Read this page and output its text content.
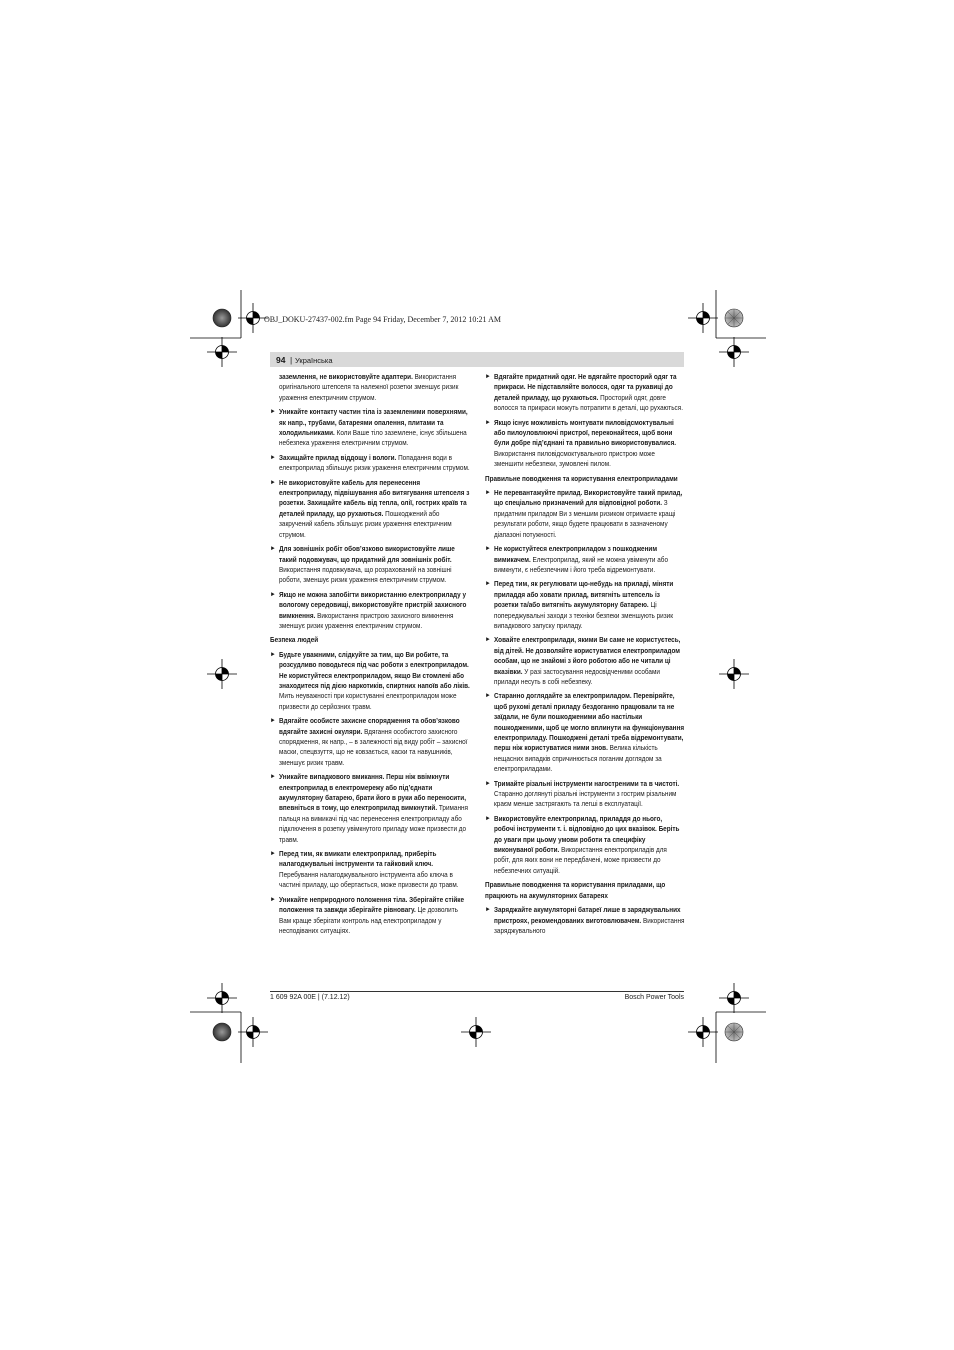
OBJ_DOKU-27437-002.fm Page 94 Friday, December 7, 2012 10:21 AM
94 | Українська
заземлення, не використовуйте адаптери. Використання оригінального штепселя та належної розетки зменшує ризик ураження електричним струмом.
► Уникайте контакту частин тіла із заземленими поверхнями, як напр., трубами, батареями опалення, плитами та холодильниками. Коли Ваше тіло заземлене, існує збільшена небезпека ураження електричним струмом.
► Захищайте прилад віддощу і вологи. Попадання води в електроприлад збільшує ризик ураження електричним струмом.
► Не використовуйте кабель для перенесення електроприладу, підвішування або витягування штепселя з розетки. Захищайте кабель від тепла, олії, гострих країв та деталей приладу, що рухаються. Пошкоджений або закручений кабель збільшує ризик ураження електричним струмом.
► Для зовнішніх робіт обов’язково використовуйте лише такий подовжувач, що придатний для зовнішніх робіт. Використання подовжувача, що розрахований на зовнішні роботи, зменшує ризик ураження електричним струмом.
► Якщо не можна запобігти використанню електроприладу у вологому середовищі, використовуйте пристрій захисного вимкнення. Використання пристрою захисного вимкнення зменшує ризик ураження електричним струмом.
Безпека людей
► Будьте уважними, слідкуйте за тим, що Ви робите, та розсудливо поводьтеся під час роботи з електроприладом. Не користуйтеся електроприладом, якщо Ви стомлені або знаходитеся під дією наркотиків, спиртних напоїв або ліків. Мить неуважності при користуванні електроприладом може призвести до серйозних травм.
► Вдягайте особисте захисне спорядження та обов’язково вдягайте захисні окуляри. Вдягання особистого захисного спорядження, як напр., – в залежності від виду робіт – захисної маски, спецвзуття, що не ковзається, каски та навушників, зменшує ризик травм.
► Уникайте випадкового вмикання. Перш ніж ввімкнути електроприлад в електромережу або під’єднати акумуляторну батарею, брати його в руки або переносити, впевніться в тому, що електроприлад вимкнутий. Тримання пальця на вимикачі під час перенесення електроприладу або підключення в розетку увімкнутого приладу може призвести до травм.
► Перед тим, як вмикати електроприлад, приберіть налагоджувальні інструменти та гайковий ключ. Перебування налагоджувального інструмента або ключа в частині приладу, що обертається, може призвести до травм.
► Уникайте неприродного положення тіла. Зберігайте стійке положення та завжди зберігайте рівновагу. Це дозволить Вам краще зберігати контроль над електроприладом у несподіваних ситуаціях.
► Вдягайте придатний одяг. Не вдягайте просторий одяг та прикраси. Не підставляйте волосся, одяг та рукавиці до деталей приладу, що рухаються. Просторий одяг, довге волосся та прикраси можуть потрапити в деталі, що рухаються.
► Якщо існує можливість монтувати пиловідсмоктувальні або пилоуловлюючі пристрої, переконайтеся, щоб вони були добре під’єднані та правильно використовувалися. Використання пиловідсмоктувального пристрою може зменшити небезпеки, зумовлені пилом.
Правильне поводження та користування електроприладами
► Не перевантажуйте прилад. Використовуйте такий прилад, що спеціально призначений для відповідної роботи. З придатним приладом Ви з меншим ризиком отримаєте кращі результати роботи, якщо будете працювати в зазначеному діапазоні потужності.
► Не користуйтеся електроприладом з пошкодженим вимикачем. Електроприлад, який не можна увімкнути або вимкнути, є небезпечним і його треба відремонтувати.
► Перед тим, як регулювати що-небудь на приладі, міняти приладдя або ховати прилад, витягніть штепсель із розетки та/або витягніть акумуляторну батарею. Ці попереджувальні заходи з техніки безпеки зменшують ризик випадкового запуску приладу.
► Ховайте електроприлади, якими Ви саме не користуєтесь, від дітей. Не дозволяйте користуватися електроприладом особам, що не знайомі з його роботою або не читали ці вказівки. У разі застосування недосвідченими особами прилади несуть в собі небезпеку.
► Старанно доглядайте за електроприладом. Перевіряйте, щоб рухомі деталі приладу бездоганно працювали та не заїдали, не були пошкодженими або настільки пошкодженими, щоб це могло вплинути на функціонування електроприладу. Пошкоджені деталі треба відремонтувати, перш ніж користуватися ними знов. Велика кількість нещасних випадків спричинюється поганим доглядом за електроприладами.
► Тримайте різальні інструменти нагостреними та в чистоті. Старанно доглянуті різальні інструменти з гострим різальним краєм менше застрягають та легші в експлуатації.
► Використовуйте електроприлад, приладдя до нього, робочі інструменти т. і. відповідно до цих вказівок. Беріть до уваги при цьому умови роботи та специфіку виконуваної роботи. Використання електроприладів для робіт, для яких вони не передбачені, може призвести до небезпечних ситуацій.
Правильне поводження та користування приладами, що працюють на акумуляторних батареях
► Заряджайте акумуляторні батареї лише в заряджувальних пристроях, рекомендованих виготовлювачем. Використання заряджувального
1 609 92A 00E | (7.12.12)	Bosch Power Tools
